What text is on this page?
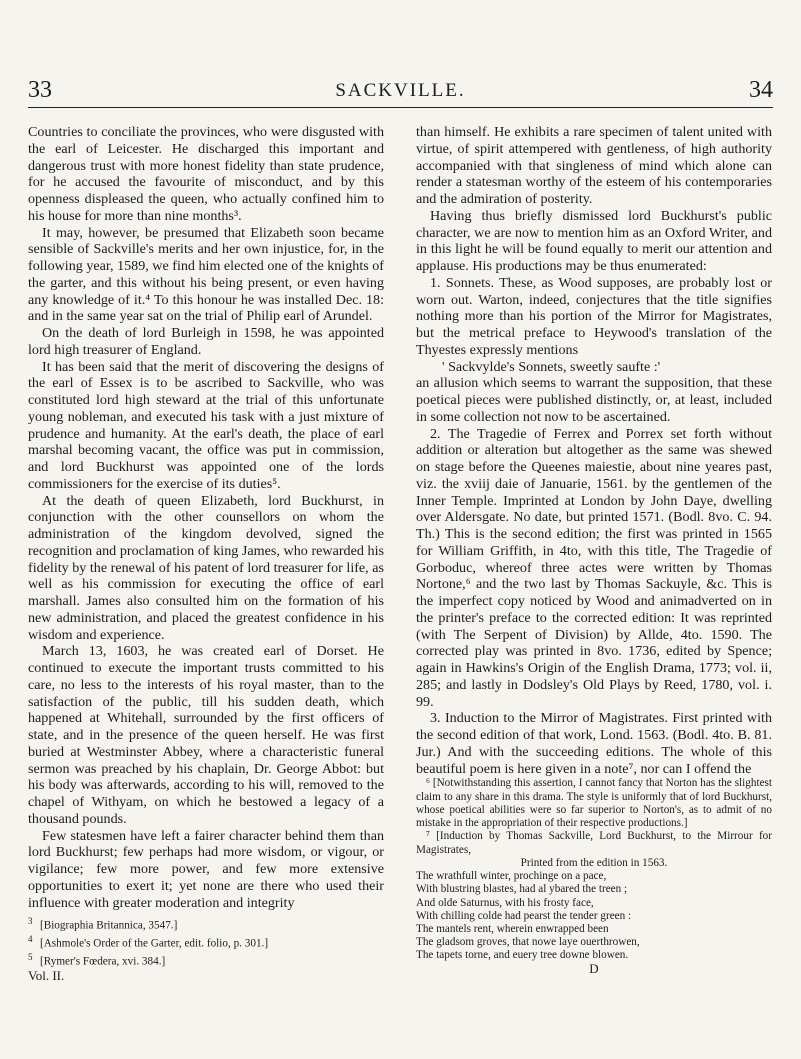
33	SACKVILLE.	34

Countries to conciliate the provinces, who were disgusted with the earl of Leicester. He discharged this important and dangerous trust with more honest fidelity than state prudence, for he accused the favourite of misconduct, and by this openness displeased the queen, who actually confined him to his house for more than nine months³.

It may, however, be presumed that Elizabeth soon became sensible of Sackville's merits and her own injustice, for, in the following year, 1589, we find him elected one of the knights of the garter, and this without his being present, or even having any knowledge of it.⁴ To this honour he was installed Dec. 18: and in the same year sat on the trial of Philip earl of Arundel.

On the death of lord Burleigh in 1598, he was appointed lord high treasurer of England.

It has been said that the merit of discovering the designs of the earl of Essex is to be ascribed to Sackville, who was constituted lord high steward at the trial of this unfortunate young nobleman, and executed his task with a just mixture of prudence and humanity. At the earl's death, the place of earl marshal becoming vacant, the office was put in commission, and lord Buckhurst was appointed one of the lords commissioners for the exercise of its duties⁵.

At the death of queen Elizabeth, lord Buckhurst, in conjunction with the other counsellors on whom the administration of the kingdom devolved, signed the recognition and proclamation of king James, who rewarded his fidelity by the renewal of his patent of lord treasurer for life, as well as his commission for executing the office of earl marshall. James also consulted him on the formation of his new administration, and placed the greatest confidence in his wisdom and experience.

March 13, 1603, he was created earl of Dorset. He continued to execute the important trusts committed to his care, no less to the interests of his royal master, than to the satisfaction of the public, till his sudden death, which happened at Whitehall, surrounded by the first officers of state, and in the presence of the queen herself. He was first buried at Westminster Abbey, where a characteristic funeral sermon was preached by his chaplain, Dr. George Abbot: but his body was afterwards, according to his will, removed to the chapel of Withyam, on which he bestowed a legacy of a thousand pounds.

Few statesmen have left a fairer character behind them than lord Buckhurst; few perhaps had more wisdom, or vigour, or vigilance; few more power, and few more extensive opportunities to exert it; yet none are there who used their influence with greater moderation and integrity

3 [Biographia Britannica, 3547.]

4 [Ashmole's Order of the Garter, edit. folio, p. 301.]

5 [Rymer's Fœdera, xvi. 384.]

Vol. II.

than himself. He exhibits a rare specimen of talent united with virtue, of spirit attempered with gentleness, of high authority accompanied with that singleness of mind which alone can render a statesman worthy of the esteem of his contemporaries and the admiration of posterity.

Having thus briefly dismissed lord Buckhurst's public character, we are now to mention him as an Oxford Writer, and in this light he will be found equally to merit our attention and applause. His productions may be thus enumerated:

1. Sonnets. These, as Wood supposes, are probably lost or worn out. Warton, indeed, conjectures that the title signifies nothing more than his portion of the Mirror for Magistrates, but the metrical preface to Heywood's translation of the Thyestes expressly mentions

' Sackvylde's Sonnets, sweetly saufte :'

an allusion which seems to warrant the supposition, that these poetical pieces were published distinctly, or, at least, included in some collection not now to be ascertained.

2. The Tragedie of Ferrex and Porrex set forth without addition or alteration but altogether as the same was shewed on stage before the Queenes maiestie, about nine yeares past, viz. the xviij daie of Januarie, 1561. by the gentlemen of the Inner Temple. Imprinted at London by John Daye, dwelling over Aldersgate. No date, but printed 1571. (Bodl. 8vo. C. 94. Th.) This is the second edition; the first was printed in 1565 for William Griffith, in 4to, with this title, The Tragedie of Gorboduc, whereof three actes were written by Thomas Nortone,⁶ and the two last by Thomas Sackuyle, &c. This is the imperfect copy noticed by Wood and animadverted on in the printer's preface to the corrected edition: It was reprinted (with The Serpent of Division) by Allde, 4to. 1590. The corrected play was printed in 8vo. 1736, edited by Spence; again in Hawkins's Origin of the English Drama, 1773; vol. ii, 285; and lastly in Dodsley's Old Plays by Reed, 1780, vol. i. 99.

3. Induction to the Mirror of Magistrates. First printed with the second edition of that work, Lond. 1563. (Bodl. 4to. B. 81. Jur.) And with the succeeding editions. The whole of this beautiful poem is here given in a note⁷, nor can I offend the

⁶ [Notwithstanding this assertion, I cannot fancy that Norton has the slightest claim to any share in this drama. The style is uniformly that of lord Buckhurst, whose poetical abilities were so far superior to Norton's, as to admit of no mistake in the appropriation of their respective productions.]

⁷ [Induction by Thomas Sackville, Lord Buckhurst, to the Mirrour for Magistrates,

Printed from the edition in 1563.

The wrathfull winter, prochinge on a pace,

With blustring blastes, had al ybared the treen ;

And olde Saturnus, with his frosty face,

With chilling colde had pearst the tender green :

The mantels rent, wherein enwrapped been

The gladsom groves, that nowe laye ouerthrowen,

The tapets torne, and euery tree downe blowen.

D
